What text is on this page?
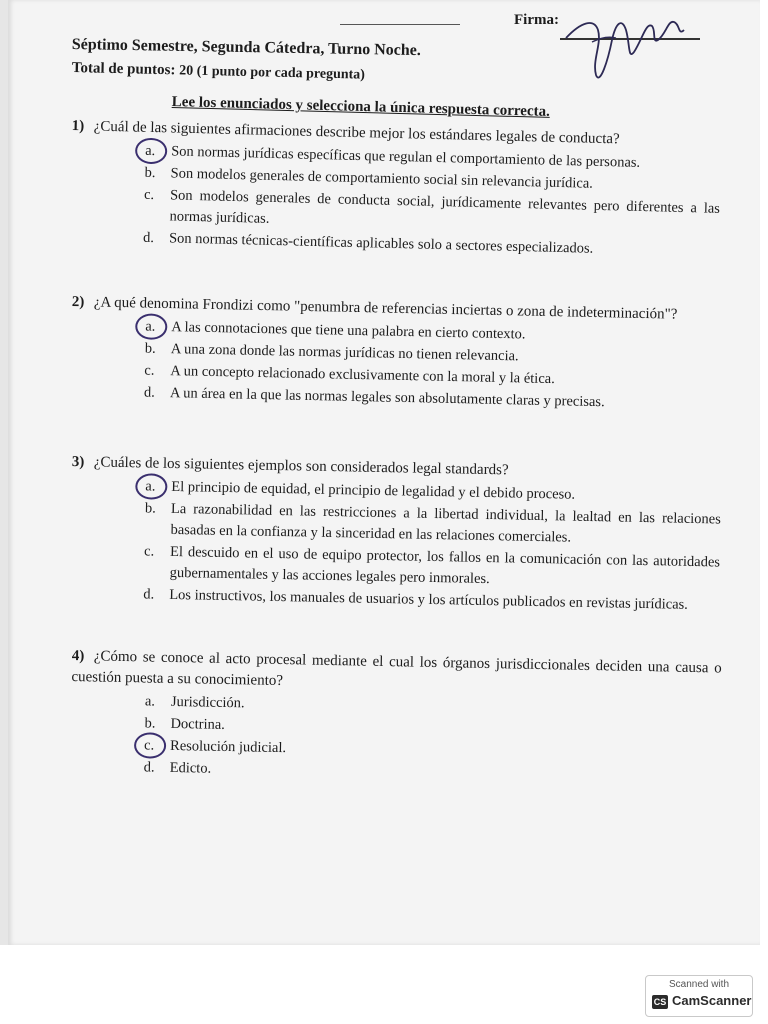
Firma:
Séptimo Semestre, Segunda Cátedra, Turno Noche.
Total de puntos: 20 (1 punto por cada pregunta)
Lee los enunciados y selecciona la única respuesta correcta.
1) ¿Cuál de las siguientes afirmaciones describe mejor los estándares legales de conducta?
a.	Son normas jurídicas específicas que regulan el comportamiento de las personas.
b.	Son modelos generales de comportamiento social sin relevancia jurídica.
c.	Son modelos generales de conducta social, jurídicamente relevantes pero diferentes a las normas jurídicas.
d.	Son normas técnicas-científicas aplicables solo a sectores especializados.
2) ¿A qué denomina Frondizi como "penumbra de referencias inciertas o zona de indeterminación"?
a.	A las connotaciones que tiene una palabra en cierto contexto.
b.	A una zona donde las normas jurídicas no tienen relevancia.
c.	A un concepto relacionado exclusivamente con la moral y la ética.
d.	A un área en la que las normas legales son absolutamente claras y precisas.
3) ¿Cuáles de los siguientes ejemplos son considerados legal standards?
a.	El principio de equidad, el principio de legalidad y el debido proceso.
b.	La razonabilidad en las restricciones a la libertad individual, la lealtad en las relaciones basadas en la confianza y la sinceridad en las relaciones comerciales.
c.	El descuido en el uso de equipo protector, los fallos en la comunicación con las autoridades gubernamentales y las acciones legales pero inmorales.
d.	Los instructivos, los manuales de usuarios y los artículos publicados en revistas jurídicas.
4) ¿Cómo se conoce al acto procesal mediante el cual los órganos jurisdiccionales deciden una causa o cuestión puesta a su conocimiento?
a.	Jurisdicción.
b.	Doctrina.
c.	Resolución judicial.
d.	Edicto.
Scanned with
CS CamScanner
